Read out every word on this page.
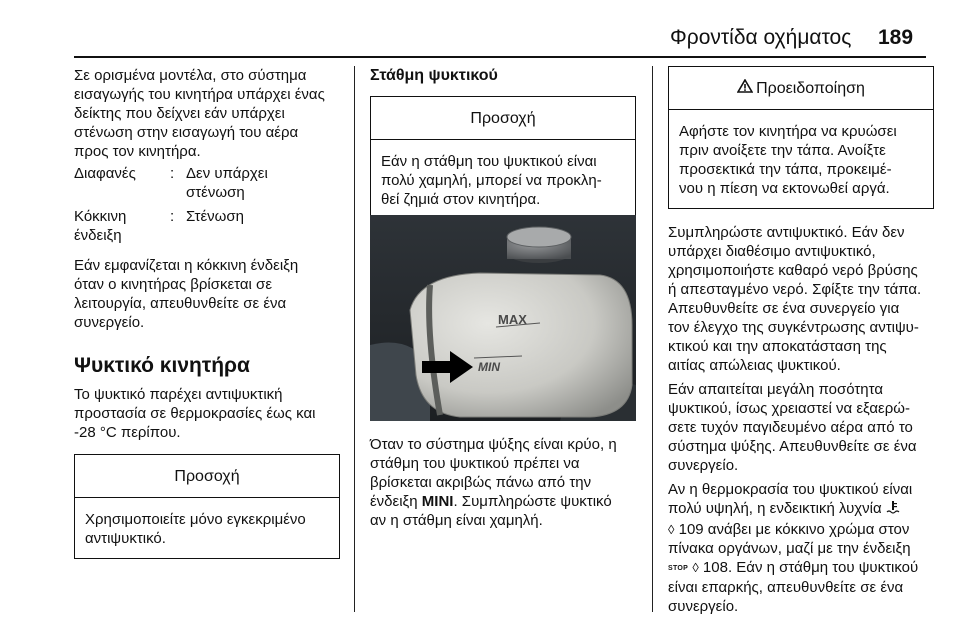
Φροντίδα οχήματος 189

Σε ορισμένα μοντέλα, στο σύστημα
εισαγωγής του κινητήρα υπάρχει ένας
δείκτης που δείχνει εάν υπάρχει
στένωση στην εισαγωγή του αέρα
προς τον κινητήρα.

Διαφανές	: Δεν υπάρχει
στένωση
Κόκκινη
ένδειξη
: Στένωση

Εάν εμφανίζεται η κόκκινη ένδειξη
όταν ο κινητήρας βρίσκεται σε
λειτουργία, απευθυνθείτε σε ένα
συνεργείο.

Ψυκτικό κινητήρα

Το ψυκτικό παρέχει αντιψυκτική
προστασία σε θερμοκρασίες έως και
-28 °C περίπου.

Προσοχή
Χρησιμοποιείτε μόνο εγκεκριμένο
αντιψυκτικό.
Στάθμη ψυκτικού
Προσοχή
Εάν η στάθμη του ψυκτικού είναι
πολύ χαμηλή, μπορεί να προκλη-
θεί ζημιά στον κινητήρα.
MAX
MIN

Όταν το σύστημα ψύξης είναι κρύο, η
στάθμη του ψυκτικού πρέπει να
βρίσκεται ακριβώς πάνω από την
ένδειξη MINI. Συμπληρώστε ψυκτικό
αν η στάθμη είναι χαμηλή.

Προειδοποίηση
Αφήστε τον κινητήρα να κρυώσει
πριν ανοίξετε την τάπα. Ανοίξτε
προσεκτικά την τάπα, προκειμέ-
νου η πίεση να εκτονωθεί αργά.

Συμπληρώστε αντιψυκτικό. Εάν δεν
υπάρχει διαθέσιμο αντιψυκτικό,
χρησιμοποιήστε καθαρό νερό βρύσης
ή απεσταγμένο νερό. Σφίξτε την τάπα.
Απευθυνθείτε σε ένα συνεργείο για
τον έλεγχο της συγκέντρωσης αντιψυ-
κτικού και την αποκατάσταση της
αιτίας απώλειας ψυκτικού.

Εάν απαιτείται μεγάλη ποσότητα
ψυκτικού, ίσως χρειαστεί να εξαερώ-
σετε τυχόν παγιδευμένο αέρα από το
σύστημα ψύξης. Απευθυνθείτε σε ένα
συνεργείο.

Αν η θερμοκρασία του ψυκτικού είναι
πολύ υψηλή, η ενδεικτική λυχνία
◊ 109 ανάβει με κόκκινο χρώμα στον
πίνακα οργάνων, μαζί με την ένδειξη
STOP ◊ 108. Εάν η στάθμη του ψυκτικού
είναι επαρκής, απευθυνθείτε σε ένα
συνεργείο.
